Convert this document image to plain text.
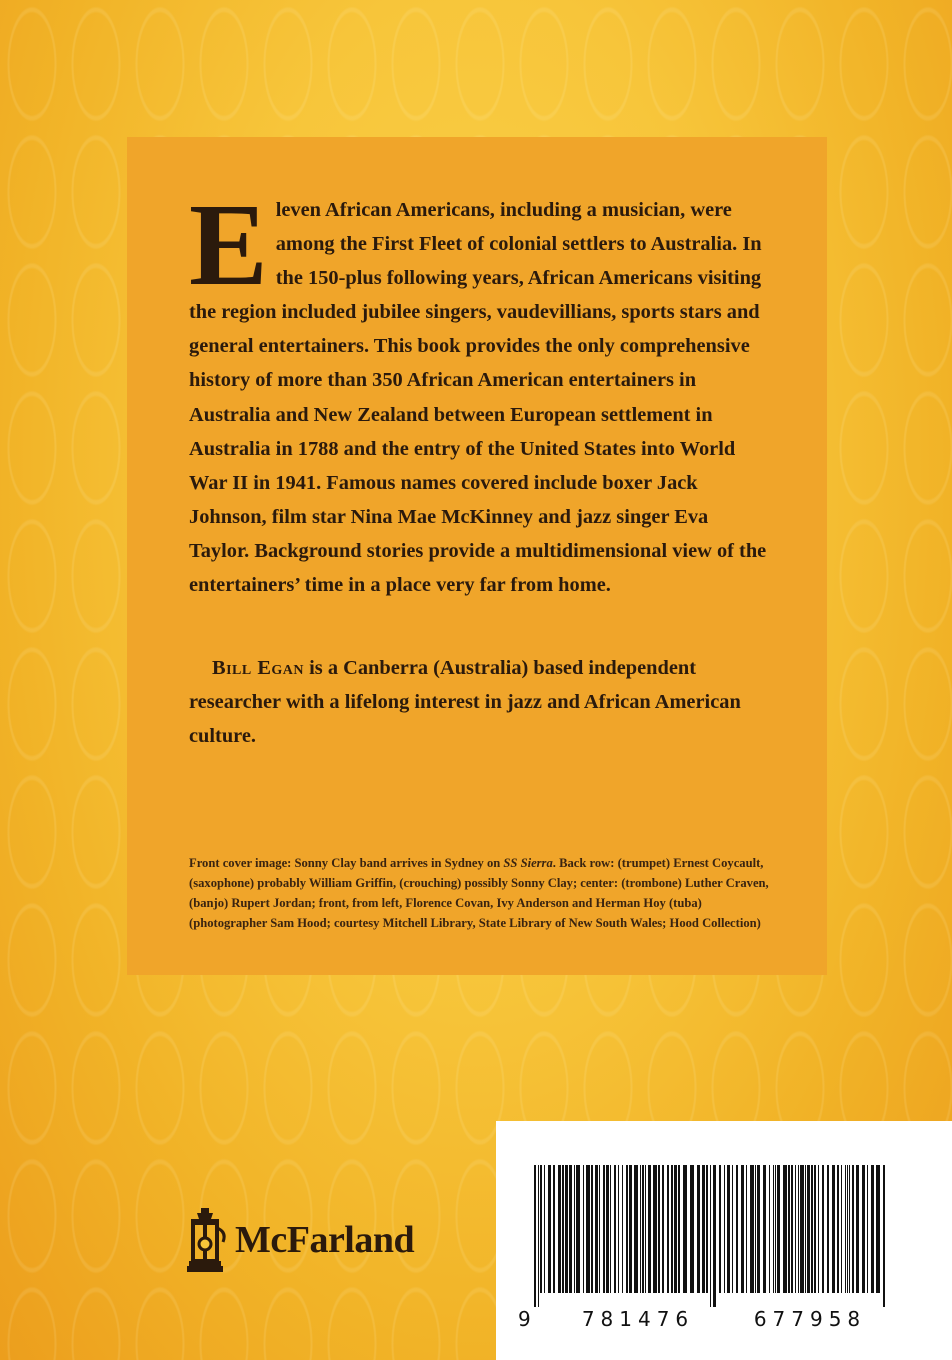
Eleven African Americans, including a musician, were among the First Fleet of colonial settlers to Australia. In the 150-plus following years, African Americans visiting the region included jubilee singers, vaudevillians, sports stars and general entertainers. This book provides the only comprehensive history of more than 350 African American entertainers in Australia and New Zealand between European settlement in Australia in 1788 and the entry of the United States into World War II in 1941. Famous names covered include boxer Jack Johnson, film star Nina Mae McKinney and jazz singer Eva Taylor. Background stories provide a multidimensional view of the entertainers’ time in a place very far from home.

Bill Egan is a Canberra (Australia) based independent researcher with a lifelong interest in jazz and African American culture.

Front cover image: Sonny Clay band arrives in Sydney on SS Sierra. Back row: (trumpet) Ernest Coycault, (saxophone) probably William Griffin, (crouching) possibly Sonny Clay; center: (trombone) Luther Craven, (banjo) Rupert Jordan; front, from left, Florence Covan, Ivy Anderson and Herman Hoy (tuba) (photographer Sam Hood; courtesy Mitchell Library, State Library of New South Wales; Hood Collection)

McFarland
9	781476	677958
